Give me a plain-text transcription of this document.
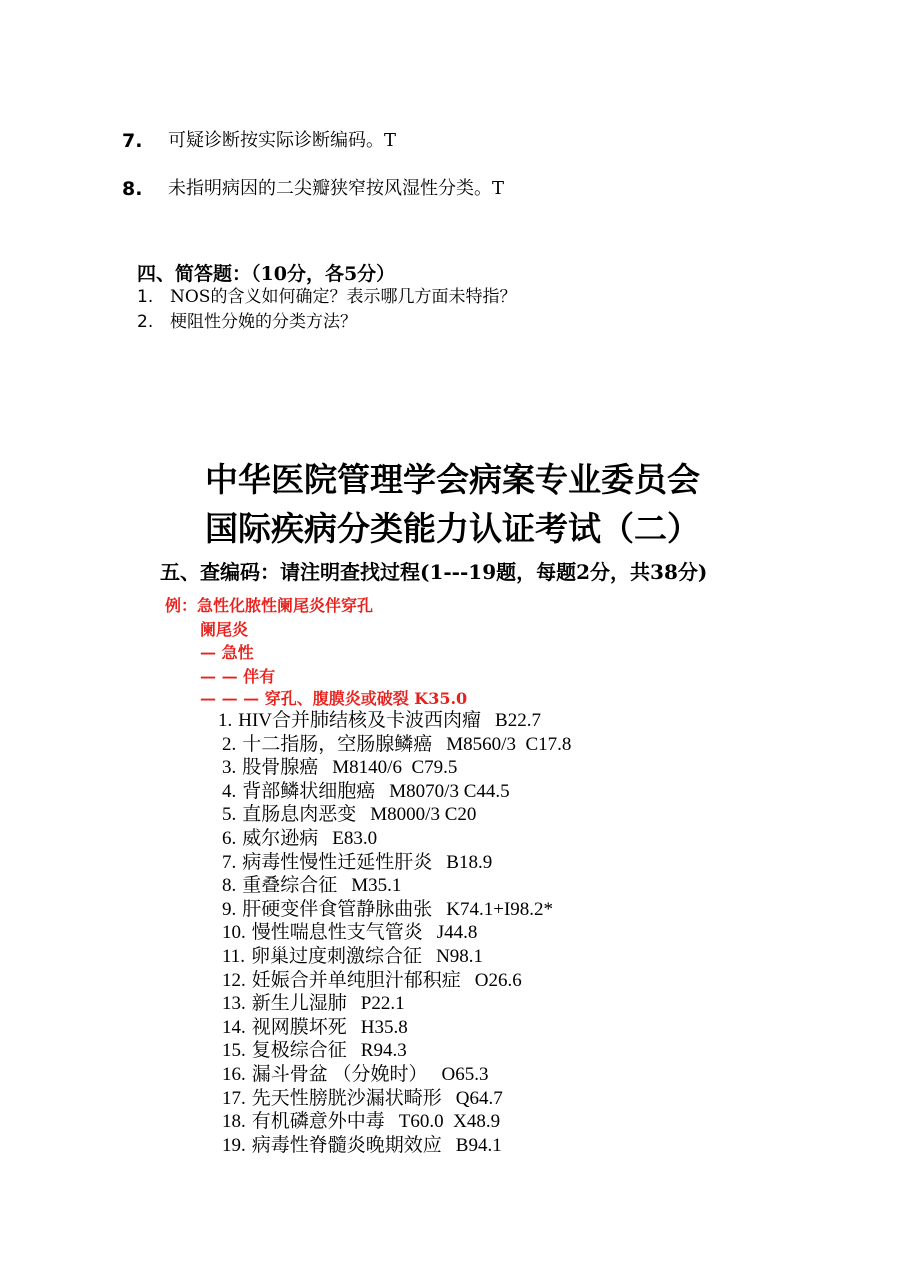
7. 可疑诊断按实际诊断编码。T
8. 未指明病因的二尖瓣狭窄按风湿性分类。T
四、简答题：（10分，各5分）
1. NOS的含义如何确定？表示哪几方面未特指？
2. 梗阻性分娩的分类方法？
中华医院管理学会病案专业委员会
国际疾病分类能力认证考试（二）
五、查编码：请注明查找过程(1---19题，每题2分，共38分)
例：急性化脓性阑尾炎伴穿孔
阑尾炎
— 急性
— — 伴有
— — — 穿孔、腹膜炎或破裂 K35.0
1. HIV合并肺结核及卡波西肉瘤 B22.7
2. 十二指肠，空肠腺鳞癌 M8560/3  C17.8
3. 股骨腺癌 M8140/6  C79.5
4. 背部鳞状细胞癌 M8070/3 C44.5
5. 直肠息肉恶变 M8000/3 C20
6. 威尔逊病 E83.0
7. 病毒性慢性迁延性肝炎 B18.9
8. 重叠综合征 M35.1
9. 肝硬变伴食管静脉曲张 K74.1+I98.2*
10. 慢性喘息性支气管炎 J44.8
11. 卵巢过度刺激综合征 N98.1
12. 妊娠合并单纯胆汁郁积症 O26.6
13. 新生儿湿肺 P22.1
14. 视网膜坏死 H35.8
15. 复极综合征 R94.3
16. 漏斗骨盆 （分娩时） O65.3
17. 先天性膀胱沙漏状畸形 Q64.7
18. 有机磷意外中毒 T60.0  X48.9
19. 病毒性脊髓炎晚期效应 B94.1
